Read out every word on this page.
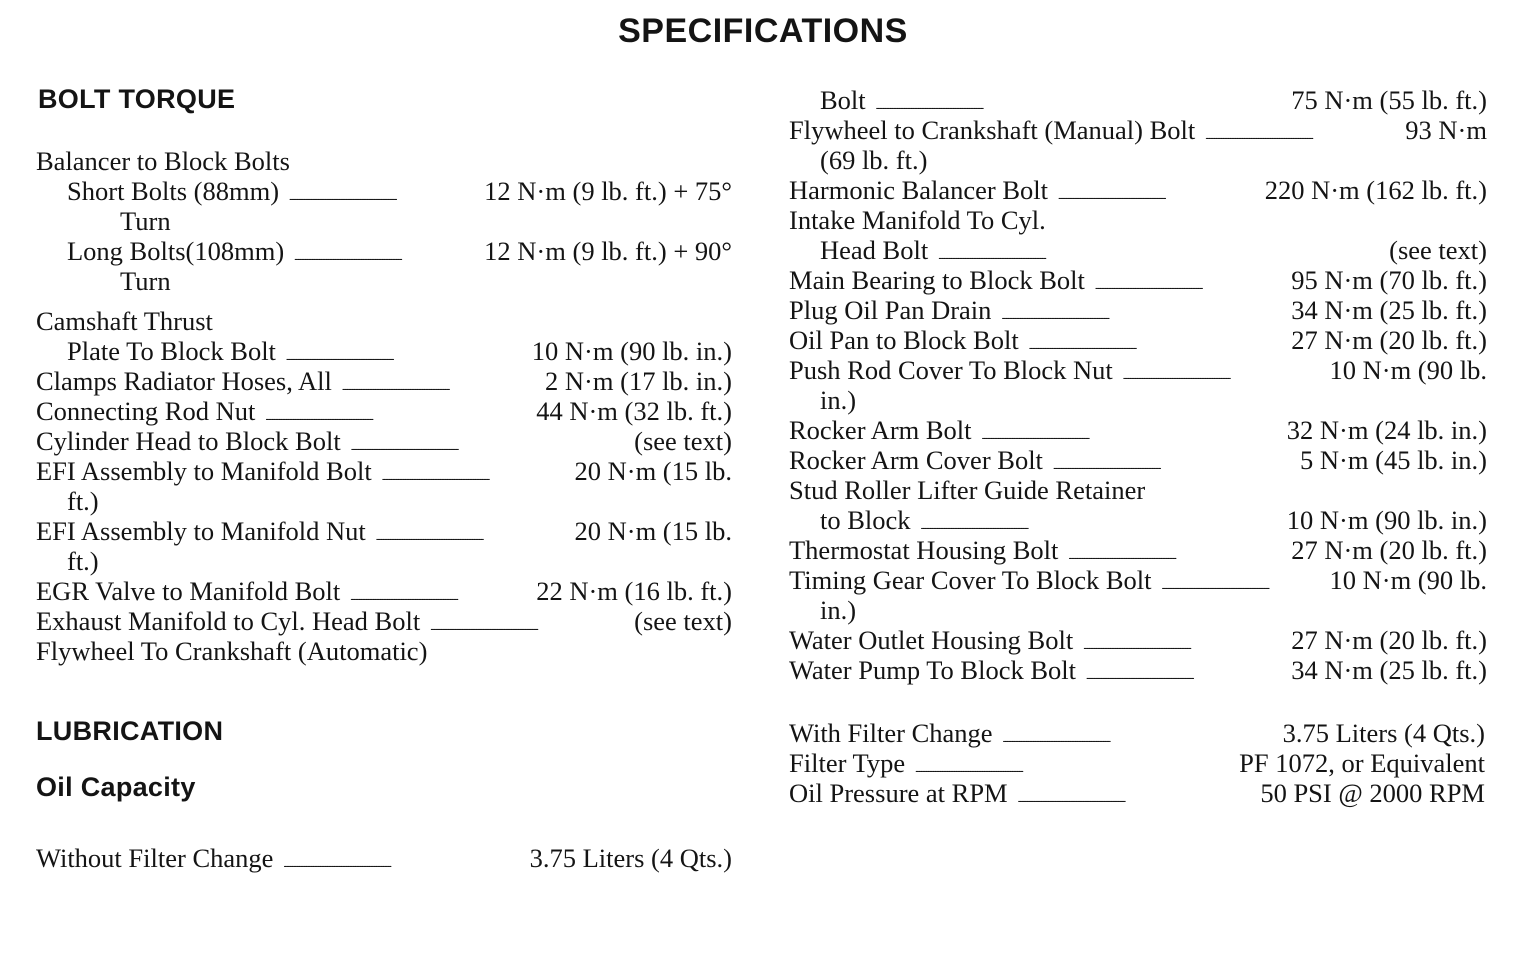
SPECIFICATIONS
BOLT TORQUE
Balancer to Block Bolts
Short Bolts (88mm) . . .	12 N·m (9 lb. ft.) + 75°
Turn
Long Bolts(108mm) . . .	12 N·m (9 lb. ft.) + 90°
Turn
Camshaft Thrust
Plate To Block Bolt . . .	10 N·m (90 lb. in.)
Clamps Radiator Hoses, All . . .	2 N·m (17 lb. in.)
Connecting Rod Nut . . .	44 N·m (32 lb. ft.)
Cylinder Head to Block Bolt . . .	(see text)
EFI Assembly to Manifold Bolt . . .	20 N·m (15 lb.
ft.)
EFI Assembly to Manifold Nut . . .	20 N·m (15 lb.
ft.)
EGR Valve to Manifold Bolt . . .	22 N·m (16 lb. ft.)
Exhaust Manifold to Cyl. Head Bolt . . .	(see text)
Flywheel To Crankshaft (Automatic)
Bolt . . .	75 N·m (55 lb. ft.)
Flywheel to Crankshaft (Manual) Bolt . . .	93 N·m
(69 lb. ft.)
Harmonic Balancer Bolt . . .	220 N·m (162 lb. ft.)
Intake Manifold To Cyl.
Head Bolt . . .	(see text)
Main Bearing to Block Bolt . . .	95 N·m (70 lb. ft.)
Plug Oil Pan Drain . . .	34 N·m (25 lb. ft.)
Oil Pan to Block Bolt . . .	27 N·m (20 lb. ft.)
Push Rod Cover To Block Nut . . .	10 N·m (90 lb.
in.)
Rocker Arm Bolt . . .	32 N·m (24 lb. in.)
Rocker Arm Cover Bolt . . .	5 N·m (45 lb. in.)
Stud Roller Lifter Guide Retainer
to Block . . .	10 N·m (90 lb. in.)
Thermostat Housing Bolt . . .	27 N·m (20 lb. ft.)
Timing Gear Cover To Block Bolt . . .	10 N·m (90 lb.
in.)
Water Outlet Housing Bolt . . .	27 N·m (20 lb. ft.)
Water Pump To Block Bolt . . .	34 N·m (25 lb. ft.)
LUBRICATION
Oil Capacity
Without Filter Change . . .	3.75 Liters (4 Qts.)
With Filter Change . . .	3.75 Liters (4 Qts.)
Filter Type . . .	PF 1072, or Equivalent
Oil Pressure at RPM . . .	50 PSI @ 2000 RPM
